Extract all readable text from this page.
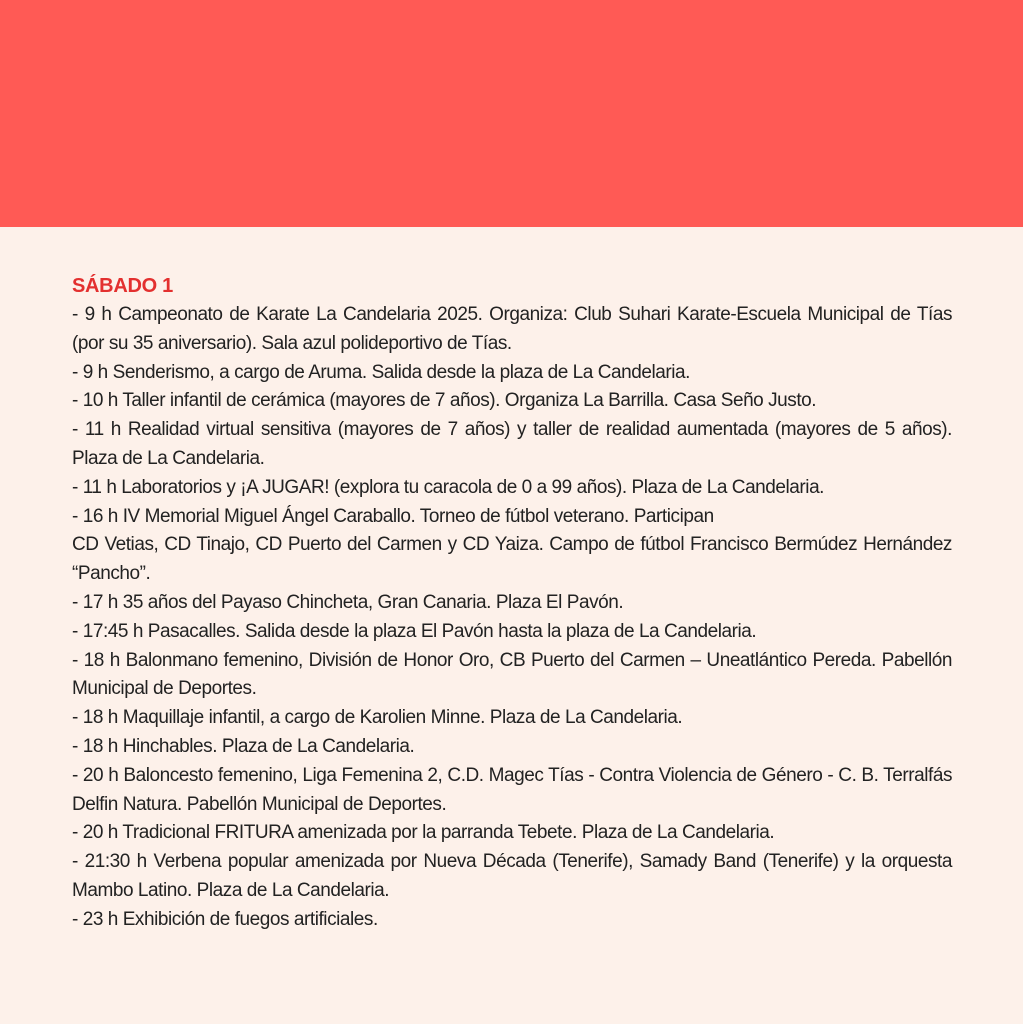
SÁBADO 1

- 9 h Campeonato de Karate La Candelaria 2025. Organiza: Club Suhari Karate-Escuela Municipal de Tías (por su 35 aniversario). Sala azul polideportivo de Tías.

- 9 h Senderismo, a cargo de Aruma. Salida desde la plaza de La Candelaria.

- 10 h Taller infantil de cerámica (mayores de 7 años). Organiza La Barrilla. Casa Seño Justo.

- 11 h Realidad virtual sensitiva (mayores de 7 años) y taller de realidad aumentada (mayores de 5 años). Plaza de La Candelaria.

- 11 h Laboratorios y ¡A JUGAR! (explora tu caracola de 0 a 99 años). Plaza de La Candelaria.

- 16 h IV Memorial Miguel Ángel Caraballo. Torneo de fútbol veterano. Participan

CD Vetias, CD Tinajo, CD Puerto del Carmen y CD Yaiza. Campo de fútbol Francisco Bermúdez Hernández “Pancho”.

- 17 h 35 años del Payaso Chincheta, Gran Canaria. Plaza El Pavón.

- 17:45 h Pasacalles. Salida desde la plaza El Pavón hasta la plaza de La Candelaria.

- 18 h Balonmano femenino, División de Honor Oro, CB Puerto del Carmen – Uneatlántico Pereda. Pabellón Municipal de Deportes.

- 18 h Maquillaje infantil, a cargo de Karolien Minne. Plaza de La Candelaria.

- 18 h Hinchables. Plaza de La Candelaria.

- 20 h Baloncesto femenino, Liga Femenina 2, C.D. Magec Tías - Contra Violencia de Género - C. B. Terralfás Delfin Natura. Pabellón Municipal de Deportes.

- 20 h Tradicional FRITURA amenizada por la parranda Tebete. Plaza de La Candelaria.

- 21:30 h Verbena popular amenizada por Nueva Década (Tenerife), Samady Band (Tenerife) y la orquesta Mambo Latino. Plaza de La Candelaria.

- 23 h Exhibición de fuegos artificiales.
